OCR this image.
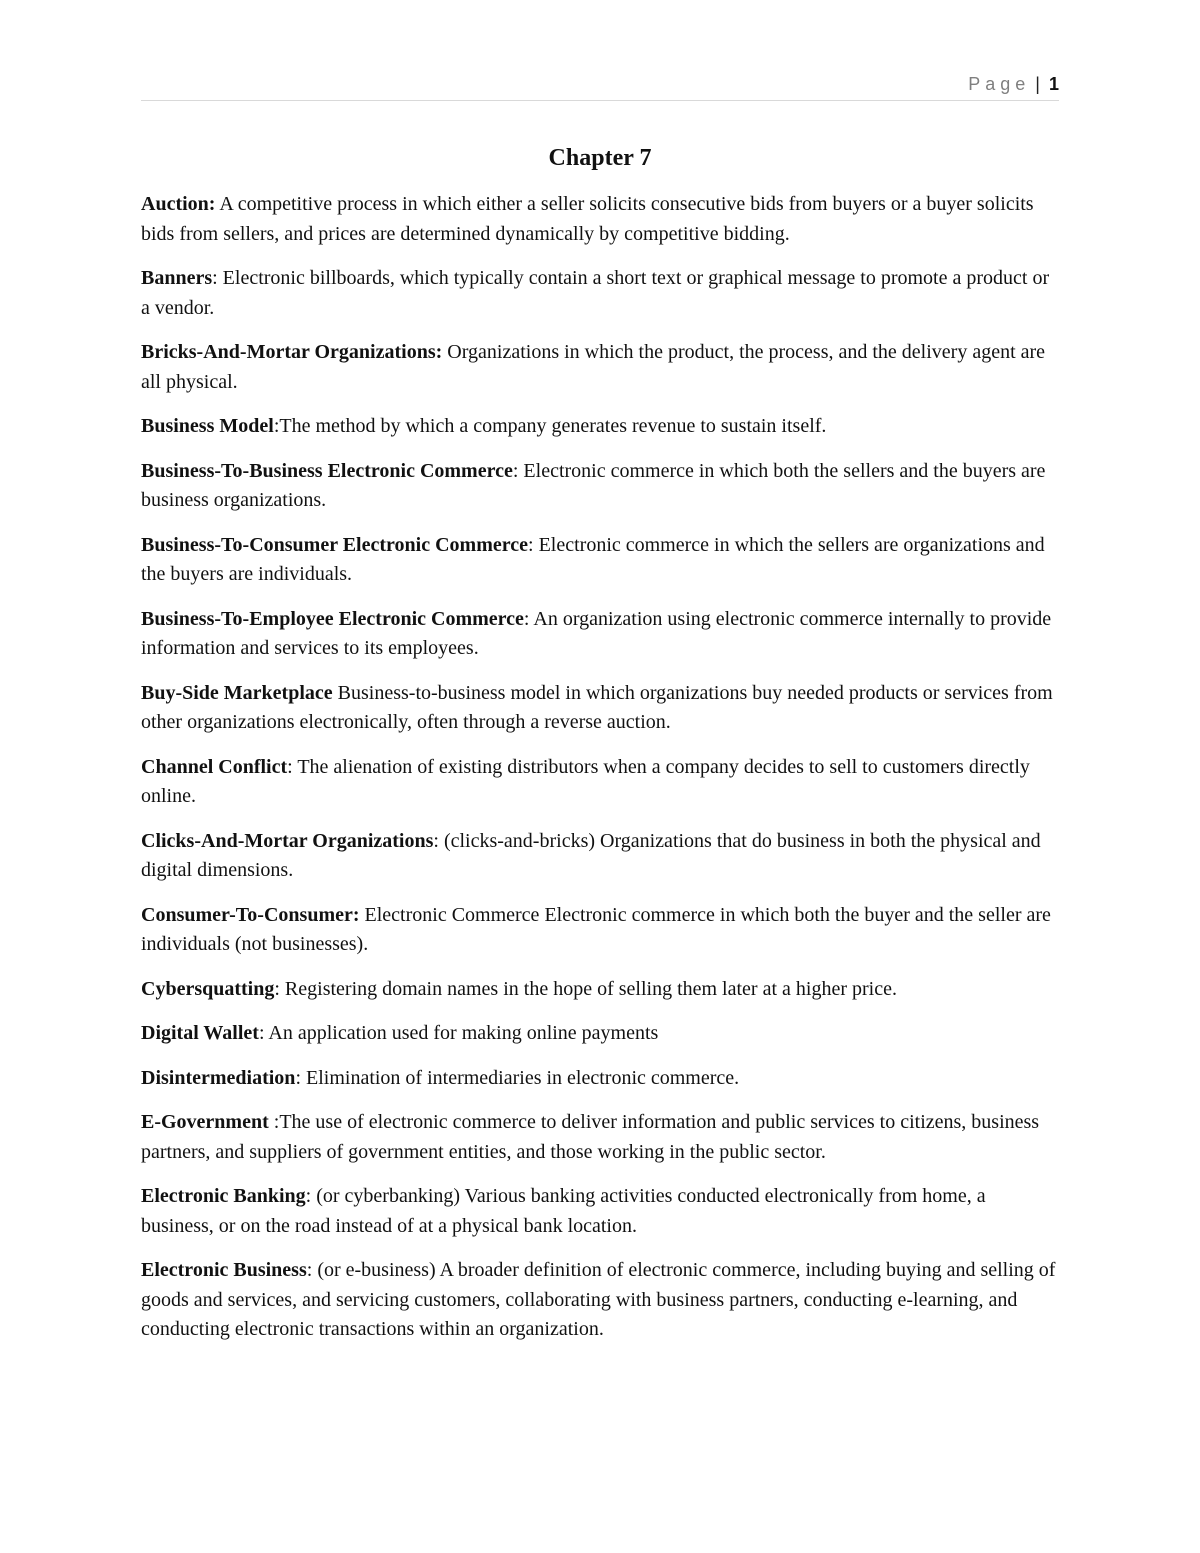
Page | 1
Chapter 7

Auction: A competitive process in which either a seller solicits consecutive bids from buyers or a buyer solicits bids from sellers, and prices are determined dynamically by competitive bidding.

Banners: Electronic billboards, which typically contain a short text or graphical message to promote a product or a vendor.

Bricks-And-Mortar Organizations: Organizations in which the product, the process, and the delivery agent are all physical.

Business Model:The method by which a company generates revenue to sustain itself.

Business-To-Business Electronic Commerce: Electronic commerce in which both the sellers and the buyers are business organizations.

Business-To-Consumer Electronic Commerce: Electronic commerce in which the sellers are organizations and the buyers are individuals.

Business-To-Employee Electronic Commerce: An organization using electronic commerce internally to provide information and services to its employees.

Buy-Side Marketplace Business-to-business model in which organizations buy needed products or services from other organizations electronically, often through a reverse auction.

Channel Conflict: The alienation of existing distributors when a company decides to sell to customers directly online.

Clicks-And-Mortar Organizations: (clicks-and-bricks) Organizations that do business in both the physical and digital dimensions.

Consumer-To-Consumer: Electronic Commerce Electronic commerce in which both the buyer and the seller are individuals (not businesses).

Cybersquatting: Registering domain names in the hope of selling them later at a higher price.

Digital Wallet: An application used for making online payments

Disintermediation: Elimination of intermediaries in electronic commerce.

E-Government :The use of electronic commerce to deliver information and public services to citizens, business partners, and suppliers of government entities, and those working in the public sector.

Electronic Banking: (or cyberbanking) Various banking activities conducted electronically from home, a business, or on the road instead of at a physical bank location.

Electronic Business: (or e-business) A broader definition of electronic commerce, including buying and selling of goods and services, and servicing customers, collaborating with business partners, conducting e-learning, and conducting electronic transactions within an organization.
